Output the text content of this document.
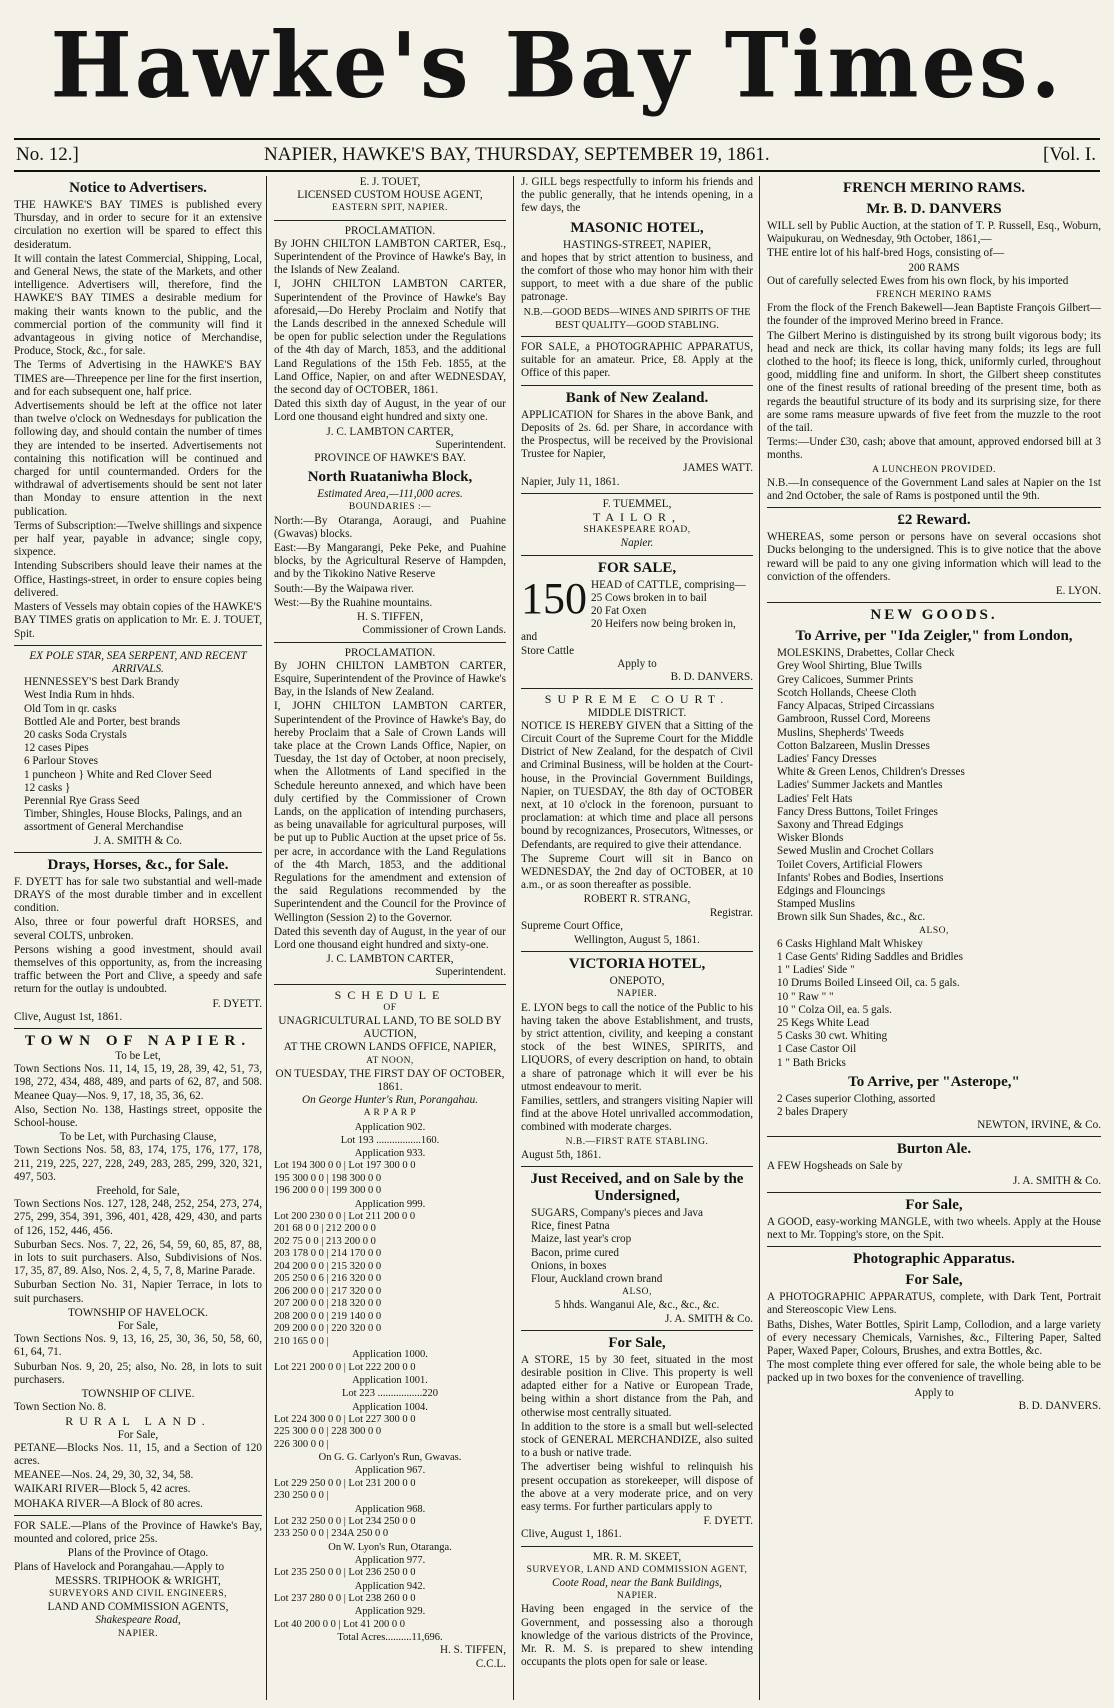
Hawke's Bay Times.
No. 12.]	NAPIER, HAWKE'S BAY, THURSDAY, SEPTEMBER 19, 1861.	[Vol. I.
Notice to Advertisers.

THE HAWKE'S BAY TIMES is published every Thursday, and in order to secure for it an extensive circulation no exertion will be spared to effect this desideratum.

It will contain the latest Commercial, Shipping, Local, and General News, the state of the Markets, and other intelligence. Advertisers will, therefore, find the HAWKE'S BAY TIMES a desirable medium for making their wants known to the public, and the commercial portion of the community will find it advantageous in giving notice of Merchandise, Produce, Stock, &c., for sale.

The Terms of Advertising in the HAWKE'S BAY TIMES are—Threepence per line for the first insertion, and for each subsequent one, half price.

Advertisements should be left at the office not later than twelve o'clock on Wednesdays for publication the following day, and should contain the number of times they are intended to be inserted. Advertisements not containing this notification will be continued and charged for until countermanded. Orders for the withdrawal of advertisements should be sent not later than Monday to ensure attention in the next publication.

Terms of Subscription:—Twelve shillings and sixpence per half year, payable in advance; single copy, sixpence.

Intending Subscribers should leave their names at the Office, Hastings-street, in order to ensure copies being delivered.

Masters of Vessels may obtain copies of the HAWKE'S BAY TIMES gratis on application to Mr. E. J. TOUET, Spit.

EX POLE STAR, SEA SERPENT, AND RECENT ARRIVALS.

HENNESSEY'S best Dark Brandy
West India Rum in hhds.
Old Tom in qr. casks
Bottled Ale and Porter, best brands
20 casks Soda Crystals
12 cases Pipes
6 Parlour Stoves
1 puncheon } White and Red Clover Seed
12 casks }
Perennial Rye Grass Seed
Timber, Shingles, House Blocks, Palings, and an assortment of General Merchandise

J. A. SMITH & Co.

Drays, Horses, &c., for Sale.

F. DYETT has for sale two substantial and well-made DRAYS of the most durable timber and in excellent condition.

Also, three or four powerful draft HORSES, and several COLTS, unbroken.

Persons wishing a good investment, should avail themselves of this opportunity, as, from the increasing traffic between the Port and Clive, a speedy and safe return for the outlay is undoubted.

F. DYETT.

Clive, August 1st, 1861.

TOWN OF NAPIER.

To be Let,

Town Sections Nos. 11, 14, 15, 19, 28, 39, 42, 51, 73, 198, 272, 434, 488, 489, and parts of 62, 87, and 508. Meanee Quay—Nos. 9, 17, 18, 35, 36, 62.

Also, Section No. 138, Hastings street, opposite the School-house.

To be Let, with Purchasing Clause,

Town Sections Nos. 58, 83, 174, 175, 176, 177, 178, 211, 219, 225, 227, 228, 249, 283, 285, 299, 320, 321, 497, 503.

Freehold, for Sale,

Town Sections Nos. 127, 128, 248, 252, 254, 273, 274, 275, 299, 354, 391, 396, 401, 428, 429, 430, and parts of 126, 152, 446, 456.

Suburban Secs. Nos. 7, 22, 26, 54, 59, 60, 85, 87, 88, in lots to suit purchasers. Also, Subdivisions of Nos. 17, 35, 87, 89. Also, Nos. 2, 4, 5, 7, 8, Marine Parade.

Suburban Section No. 31, Napier Terrace, in lots to suit purchasers.

TOWNSHIP OF HAVELOCK.

For Sale,

Town Sections Nos. 9, 13, 16, 25, 30, 36, 50, 58, 60, 61, 64, 71.

Suburban Nos. 9, 20, 25; also, No. 28, in lots to suit purchasers.

TOWNSHIP OF CLIVE.

Town Section No. 8.

RURAL LAND.

For Sale,

PETANE—Blocks Nos. 11, 15, and a Section of 120 acres.

MEANEE—Nos. 24, 29, 30, 32, 34, 58.

WAIKARI RIVER—Block 5, 42 acres.

MOHAKA RIVER—A Block of 80 acres.

FOR SALE.—Plans of the Province of Hawke's Bay, mounted and colored, price 25s.

Plans of the Province of Otago.

Plans of Havelock and Porangahau.—Apply to

MESSRS. TRIPHOOK & WRIGHT,

SURVEYORS AND CIVIL ENGINEERS,

LAND AND COMMISSION AGENTS,

Shakespeare Road,

NAPIER.

E. J. TOUET,

LICENSED CUSTOM HOUSE AGENT,

EASTERN SPIT, NAPIER.

PROCLAMATION.

By JOHN CHILTON LAMBTON CARTER, Esq., Superintendent of the Province of Hawke's Bay, in the Islands of New Zealand.

I, JOHN CHILTON LAMBTON CARTER, Superintendent of the Province of Hawke's Bay aforesaid,—Do Hereby Proclaim and Notify that the Lands described in the annexed Schedule will be open for public selection under the Regulations of the 4th day of March, 1853, and the additional Land Regulations of the 15th Feb. 1855, at the Land Office, Napier, on and after WEDNESDAY, the second day of OCTOBER, 1861.

Dated this sixth day of August, in the year of our Lord one thousand eight hundred and sixty one.

J. C. LAMBTON CARTER,

Superintendent.

PROVINCE OF HAWKE'S BAY.

North Ruataniwha Block,

Estimated Area,—111,000 acres.

BOUNDARIES :—

North:—By Otaranga, Aoraugi, and Puahine (Gwavas) blocks.

East:—By Mangarangi, Peke Peke, and Puahine blocks, by the Agricultural Reserve of Hampden, and by the Tikokino Native Reserve

South:—By the Waipawa river.

West:—By the Ruahine mountains.

H. S. TIFFEN,

Commissioner of Crown Lands.

PROCLAMATION.

By JOHN CHILTON LAMBTON CARTER, Esquire, Superintendent of the Province of Hawke's Bay, in the Islands of New Zealand.

I, JOHN CHILTON LAMBTON CARTER, Superintendent of the Province of Hawke's Bay, do hereby Proclaim that a Sale of Crown Lands will take place at the Crown Lands Office, Napier, on Tuesday, the 1st day of October, at noon precisely, when the Allotments of Land specified in the Schedule hereunto annexed, and which have been duly certified by the Commissioner of Crown Lands, on the application of intending purchasers, as being unavailable for agricultural purposes, will be put up to Public Auction at the upset price of 5s. per acre, in accordance with the Land Regulations of the 4th March, 1853, and the additional Regulations for the amendment and extension of the said Regulations recommended by the Superintendent and the Council for the Province of Wellington (Session 2) to the Governor.

Dated this seventh day of August, in the year of our Lord one thousand eight hundred and sixty-one.

J. C. LAMBTON CARTER,

Superintendent.

SCHEDULE

OF

UNAGRICULTURAL LAND, TO BE SOLD BY AUCTION,

AT THE CROWN LANDS OFFICE, NAPIER,

AT NOON,

ON TUESDAY, THE FIRST DAY OF OCTOBER, 1861.

On George Hunter's Run, Porangahau.

A R P A R P

Application 902.
Lot 193 .................160.
Application 933.
Lot 194 300 0 0 | Lot 197 300 0 0
195 300 0 0 | 198 300 0 0
196 200 0 0 | 199 300 0 0
Application 999.
Lot 200 230 0 0 | Lot 211 200 0 0
201 68 0 0 | 212 200 0 0
202 75 0 0 | 213 200 0 0
203 178 0 0 | 214 170 0 0
204 200 0 0 | 215 320 0 0
205 250 0 6 | 216 320 0 0
206 200 0 0 | 217 320 0 0
207 200 0 0 | 218 320 0 0
208 200 0 0 | 219 140 0 0
209 200 0 0 | 220 320 0 0
210 165 0 0 |
Application 1000.
Lot 221 200 0 0 | Lot 222 200 0 0
Application 1001.
Lot 223 .................220
Application 1004.
Lot 224 300 0 0 | Lot 227 300 0 0
225 300 0 0 | 228 300 0 0
226 300 0 0 |
On G. G. Carlyon's Run, Gwavas.
Application 967.
Lot 229 250 0 0 | Lot 231 200 0 0
230 250 0 0 |
Application 968.
Lot 232 250 0 0 | Lot 234 250 0 0
233 250 0 0 | 234A 250 0 0
On W. Lyon's Run, Otaranga.
Application 977.
Lot 235 250 0 0 | Lot 236 250 0 0
Application 942.
Lot 237 280 0 0 | Lot 238 260 0 0
Application 929.
Lot 40 200 0 0 | Lot 41 200 0 0
Total Acres..........11,696.

H. S. TIFFEN,

C.C.L.

J. GILL begs respectfully to inform his friends and the public generally, that he intends opening, in a few days, the

MASONIC HOTEL,

HASTINGS-STREET, NAPIER,

and hopes that by strict attention to business, and the comfort of those who may honor him with their support, to meet with a due share of the public patronage.

N.B.—GOOD BEDS—WINES AND SPIRITS OF THE BEST QUALITY—GOOD STABLING.

FOR SALE, a PHOTOGRAPHIC APPARATUS, suitable for an amateur. Price, £8. Apply at the Office of this paper.

Bank of New Zealand.

APPLICATION for Shares in the above Bank, and Deposits of 2s. 6d. per Share, in accordance with the Prospectus, will be received by the Provisional Trustee for Napier,

JAMES WATT.

Napier, July 11, 1861.

F. TUEMMEL,

TAILOR,

SHAKESPEARE ROAD,

Napier.

FOR SALE,
150 HEAD of CATTLE, comprising—
25 Cows broken in to bail
20 Fat Oxen
20 Heifers now being broken in, and
Store Cattle

Apply to

B. D. DANVERS.

SUPREME COURT.

MIDDLE DISTRICT.

NOTICE IS HEREBY GIVEN that a Sitting of the Circuit Court of the Supreme Court for the Middle District of New Zealand, for the despatch of Civil and Criminal Business, will be holden at the Court-house, in the Provincial Government Buildings, Napier, on TUESDAY, the 8th day of OCTOBER next, at 10 o'clock in the forenoon, pursuant to proclamation: at which time and place all persons bound by recognizances, Prosecutors, Witnesses, or Defendants, are required to give their attendance.

The Supreme Court will sit in Banco on WEDNESDAY, the 2nd day of OCTOBER, at 10 a.m., or as soon thereafter as possible.

ROBERT R. STRANG,

Registrar.

Supreme Court Office,

Wellington, August 5, 1861.

VICTORIA HOTEL,

ONEPOTO,

NAPIER.

E. LYON begs to call the notice of the Public to his having taken the above Establishment, and trusts, by strict attention, civility, and keeping a constant stock of the best WINES, SPIRITS, and LIQUORS, of every description on hand, to obtain a share of patronage which it will ever be his utmost endeavour to merit.

Families, settlers, and strangers visiting Napier will find at the above Hotel unrivalled accommodation, combined with moderate charges.

N.B.—FIRST RATE STABLING.

August 5th, 1861.

Just Received, and on Sale by the Undersigned,
SUGARS, Company's pieces and Java
Rice, finest Patna
Maize, last year's crop
Bacon, prime cured
Onions, in boxes
Flour, Auckland crown brand

ALSO,

5 hhds. Wanganui Ale, &c., &c., &c.

J. A. SMITH & Co.

For Sale,

A STORE, 15 by 30 feet, situated in the most desirable position in Clive. This property is well adapted either for a Native or European Trade, being within a short distance from the Pah, and otherwise most centrally situated.

In addition to the store is a small but well-selected stock of GENERAL MERCHANDIZE, also suited to a bush or native trade.

The advertiser being wishful to relinquish his present occupation as storekeeper, will dispose of the above at a very moderate price, and on very easy terms. For further particulars apply to

F. DYETT.

Clive, August 1, 1861.

MR. R. M. SKEET,

SURVEYOR, LAND AND COMMISSION AGENT,

Coote Road, near the Bank Buildings,

NAPIER.

Having been engaged in the service of the Government, and possessing also a thorough knowledge of the various districts of the Province, Mr. R. M. S. is prepared to shew intending occupants the plots open for sale or lease.

FRENCH MERINO RAMS.
Mr. B. D. DANVERS

WILL sell by Public Auction, at the station of T. P. Russell, Esq., Woburn, Waipukurau, on Wednesday, 9th October, 1861,—

THE entire lot of his half-bred Hogs, consisting of—

200 RAMS

Out of carefully selected Ewes from his own flock, by his imported

FRENCH MERINO RAMS

From the flock of the French Bakewell—Jean Baptiste François Gilbert—the founder of the improved Merino breed in France.

The Gilbert Merino is distinguished by its strong built vigorous body; its head and neck are thick, its collar having many folds; its legs are full clothed to the hoof; its fleece is long, thick, uniformly curled, throughout good, middling fine and uniform. In short, the Gilbert sheep constitutes one of the finest results of rational breeding of the present time, both as regards the beautiful structure of its body and its surprising size, for there are some rams measure upwards of five feet from the muzzle to the root of the tail.

Terms:—Under £30, cash; above that amount, approved endorsed bill at 3 months.

A LUNCHEON PROVIDED.

N.B.—In consequence of the Government Land sales at Napier on the 1st and 2nd October, the sale of Rams is postponed until the 9th.

£2 Reward.

WHEREAS, some person or persons have on several occasions shot Ducks belonging to the undersigned. This is to give notice that the above reward will be paid to any one giving information which will lead to the conviction of the offenders.

E. LYON.

NEW GOODS.
To Arrive, per "Ida Zeigler," from London,
MOLESKINS, Drabettes, Collar Check
Grey Wool Shirting, Blue Twills
Grey Calicoes, Summer Prints
Scotch Hollands, Cheese Cloth
Fancy Alpacas, Striped Circassians
Gambroon, Russel Cord, Moreens
Muslins, Shepherds' Tweeds
Cotton Balzareen, Muslin Dresses
Ladies' Fancy Dresses
White & Green Lenos, Children's Dresses
Ladies' Summer Jackets and Mantles
Ladies' Felt Hats
Fancy Dress Buttons, Toilet Fringes
Saxony and Thread Edgings
Wisker Blonds
Sewed Muslin and Crochet Collars
Toilet Covers, Artificial Flowers
Infants' Robes and Bodies, Insertions
Edgings and Flouncings
Stamped Muslins
Brown silk Sun Shades, &c., &c.

ALSO,

6 Casks Highland Malt Whiskey
1 Case Gents' Riding Saddles and Bridles
1 " Ladies' Side "
10 Drums Boiled Linseed Oil, ca. 5 gals.
10 " Raw " "
10 " Colza Oil, ea. 5 gals.
25 Kegs White Lead
5 Casks 30 cwt. Whiting
1 Case Castor Oil
1 " Bath Bricks
To Arrive, per "Asterope,"
2 Cases superior Clothing, assorted
2 bales Drapery

NEWTON, IRVINE, & Co.

Burton Ale.

A FEW Hogsheads on Sale by

J. A. SMITH & Co.

For Sale,

A GOOD, easy-working MANGLE, with two wheels. Apply at the House next to Mr. Topping's store, on the Spit.

Photographic Apparatus.
For Sale,

A PHOTOGRAPHIC APPARATUS, complete, with Dark Tent, Portrait and Stereoscopic View Lens.

Baths, Dishes, Water Bottles, Spirit Lamp, Collodion, and a large variety of every necessary Chemicals, Varnishes, &c., Filtering Paper, Salted Paper, Waxed Paper, Colours, Brushes, and extra Bottles, &c.

The most complete thing ever offered for sale, the whole being able to be packed up in two boxes for the convenience of travelling.

Apply to

B. D. DANVERS.
